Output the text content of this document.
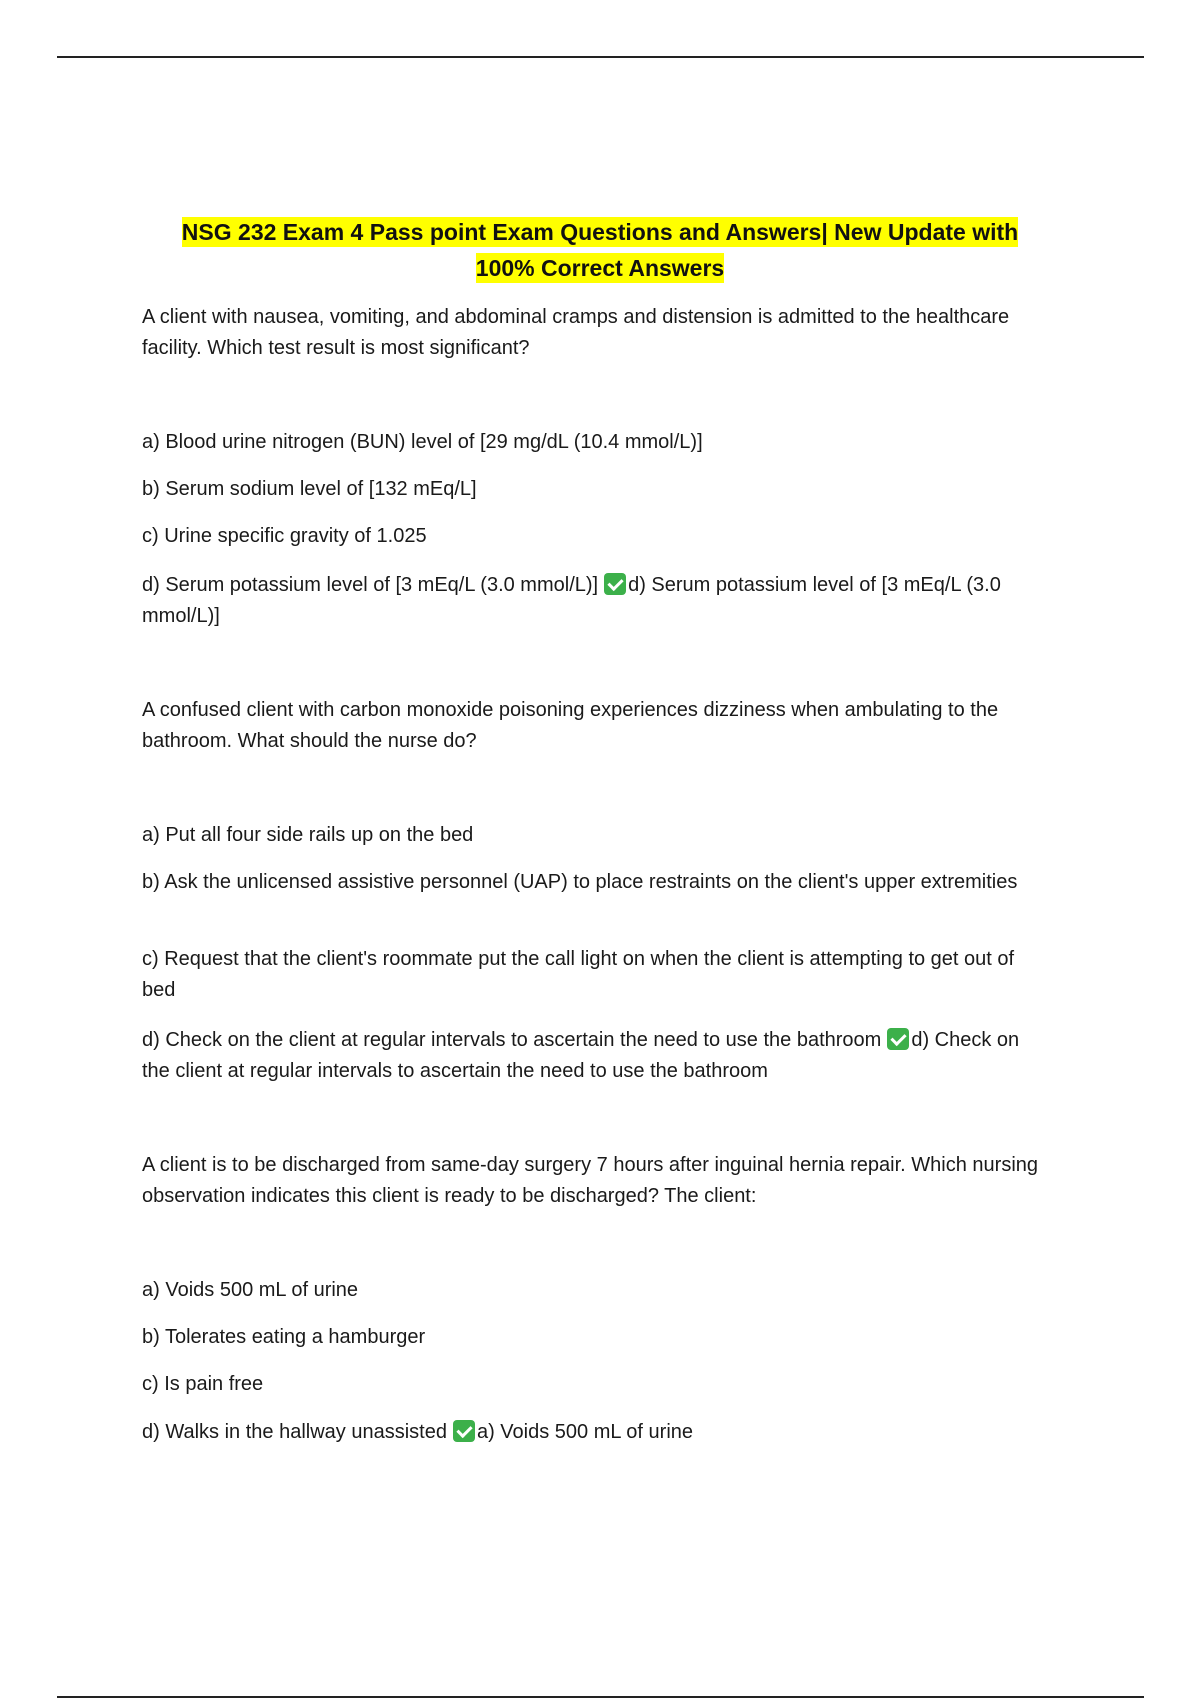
NSG 232 Exam 4 Pass point Exam Questions and Answers| New Update with
100% Correct Answers
A client with nausea, vomiting, and abdominal cramps and distension is admitted to the healthcare facility. Which test result is most significant?
a) Blood urine nitrogen (BUN) level of [29 mg/dL (10.4 mmol/L)]
b) Serum sodium level of [132 mEq/L]
c) Urine specific gravity of 1.025
d) Serum potassium level of [3 mEq/L (3.0 mmol/L)] d) Serum potassium level of [3 mEq/L (3.0 mmol/L)]
A confused client with carbon monoxide poisoning experiences dizziness when ambulating to the bathroom. What should the nurse do?
a) Put all four side rails up on the bed
b) Ask the unlicensed assistive personnel (UAP) to place restraints on the client's upper extremities
c) Request that the client's roommate put the call light on when the client is attempting to get out of bed
d) Check on the client at regular intervals to ascertain the need to use the bathroom d) Check on the client at regular intervals to ascertain the need to use the bathroom
A client is to be discharged from same-day surgery 7 hours after inguinal hernia repair. Which nursing observation indicates this client is ready to be discharged? The client:
a) Voids 500 mL of urine
b) Tolerates eating a hamburger
c) Is pain free
d) Walks in the hallway unassisted a) Voids 500 mL of urine
